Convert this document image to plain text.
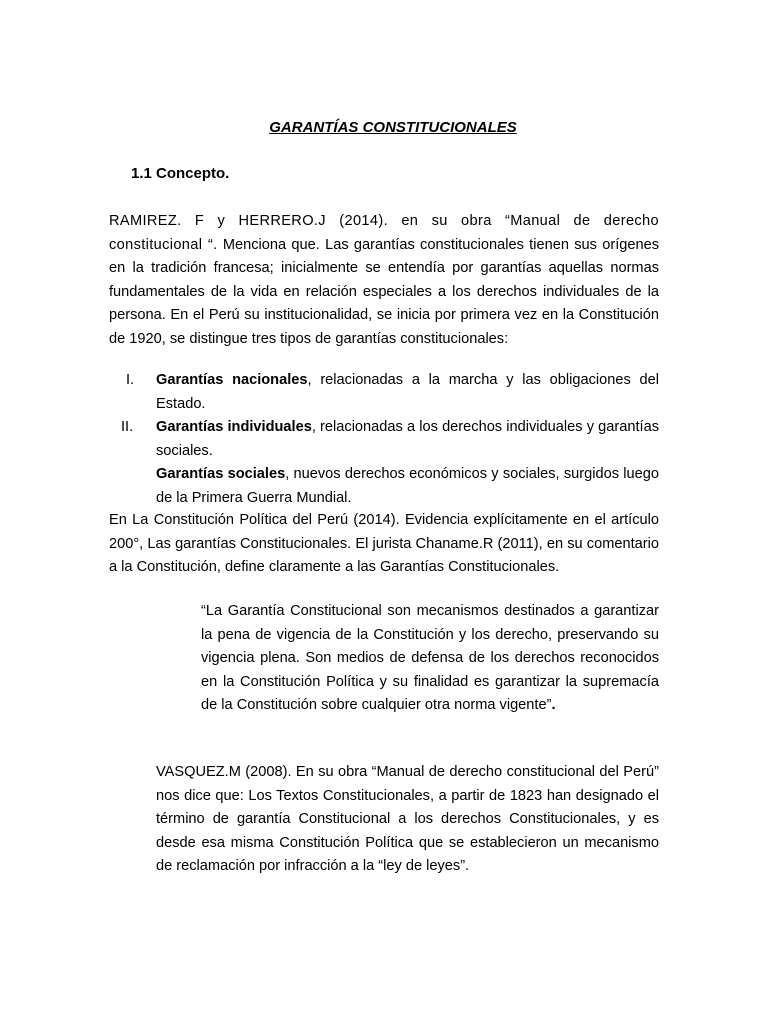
GARANTÍAS CONSTITUCIONALES
1.1 Concepto.
RAMIREZ. F y HERRERO.J (2014). en su obra “Manual de derecho constitucional “. Menciona que. Las garantías constitucionales tienen sus orígenes en la tradición francesa; inicialmente se entendía por garantías aquellas normas fundamentales de la vida en relación especiales a los derechos individuales de la persona. En el Perú su institucionalidad, se inicia por primera vez en la Constitución de 1920, se distingue tres tipos de garantías constitucionales:
I. Garantías nacionales, relacionadas a la marcha y las obligaciones del Estado.
II. Garantías individuales, relacionadas a los derechos individuales y garantías sociales.
Garantías sociales, nuevos derechos económicos y sociales, surgidos luego de la Primera Guerra Mundial.
En La Constitución Política del Perú (2014). Evidencia explícitamente en el artículo 200°, Las garantías Constitucionales. El jurista Chaname.R (2011), en su comentario a la Constitución, define claramente a las Garantías Constitucionales.
“La Garantía Constitucional son mecanismos destinados a garantizar la pena de vigencia de la Constitución y los derecho, preservando su vigencia plena. Son medios de defensa de los derechos reconocidos en la Constitución Política y su finalidad es garantizar la supremacía de la Constitución sobre cualquier otra norma vigente”.
VASQUEZ.M (2008). En su obra “Manual de derecho constitucional del Perú” nos dice que: Los Textos Constitucionales, a partir de 1823 han designado el término de garantía Constitucional a los derechos Constitucionales, y es desde esa misma Constitución Política que se establecieron un mecanismo de reclamación por infracción a la “ley de leyes”.
